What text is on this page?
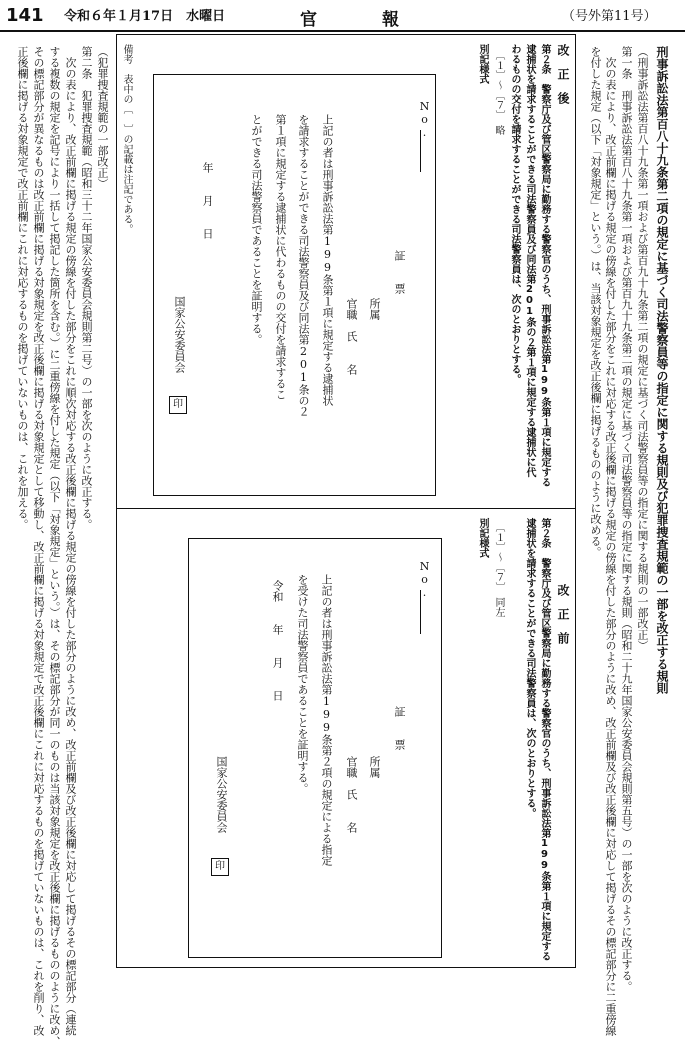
141 令和６年１月17日　水曜日	官　報	（号外第11号）
刑事訴訟法第百八十九条第二項の規定に基づく司法警察員等の指定に関する規則及び犯罪捜査規範の一部を改正する規則
（刑事訴訟法第百八十九条第一項および第百九十九条第二項の規定に基づく司法警察員等の指定に関する規則の一部改正）
第一条　刑事訴訟法第百八十九条第一項および第百九十九条第二項の規定に基づく司法警察員等の指定に関する規則（昭和二十九年国家公安委員会規則第五号）の一部を次のように改正する。
次の表により、改正前欄に掲げる規定の傍線を付した部分をこれに対応する改正後欄に掲げる規定の傍線を付した部分のように改め、改正前欄及び改正後欄に対応して掲げるその標記部分に二重傍線
を付した規定（以下「対象規定」という。）は、当該対象規定を改正後欄に掲げるもののように改める。
改　正　後
第２条　警察庁及び管区警察局に勤務する警察官のうち、刑事訴訟法第199条第１項に規定する
逮捕状を請求することができる司法警察員及び同法第201条の２第１項に規定する逮捕状に代
わるものの交付を請求することができる司法警察員は、次のとおりとする。
〔１〕〜〔７〕　略
別記様式
No.
証　　票
所属
官職　氏　　名
上記の者は刑事訴訟法第199条第１項に規定する逮捕状
を請求することができる司法警察員及び同法第201条の２
第１項に規定する逮捕状に代わるものの交付を請求するこ
とができる司法警察員であることを証明する。
年　　月　　日
国家公安委員会
印
改　正　前
第２条　警察庁及び管区警察局に勤務する警察官のうち、刑事訴訟法第199条第１項に規定する
逮捕状を請求することができる司法警察員は、次のとおりとする。
〔１〕〜〔７〕　同左
別記様式
No.
証　　票
所属
官職　氏　　名
上記の者は刑事訴訟法第199条第２項の規定による指定
を受けた司法警察員であることを証明する。
令和
年　　月　　日
国家公安委員会
印
備考　表中の〔　〕の記載は注記である。
（犯罪捜査規範の一部改正）
第二条　犯罪捜査規範（昭和三十二年国家公安委員会規則第二号）の一部を次のように改正する。
次の表により、改正前欄に掲げる規定の傍線を付した部分をこれに順次対応する改正後欄に掲げる規定の傍線を付した部分のように改め、改正前欄及び改正後欄に対応して掲げるその標記部分（連続
する複数の規定を記号により一括して掲記した箇所を含む。）に二重傍線を付した規定（以下「対象規定」という。）は、その標記部分が同一のものは当該対象規定を改正後欄に掲げるもののように改め、
その標記部分が異なるものは改正前欄に掲げる対象規定を改正後欄に掲げる対象規定として移動し、改正前欄に掲げる対象規定で改正後欄にこれに対応するものを掲げていないものは、これを削り、改
正後欄に掲げる対象規定で改正前欄にこれに対応するものを掲げていないものは、これを加える。
